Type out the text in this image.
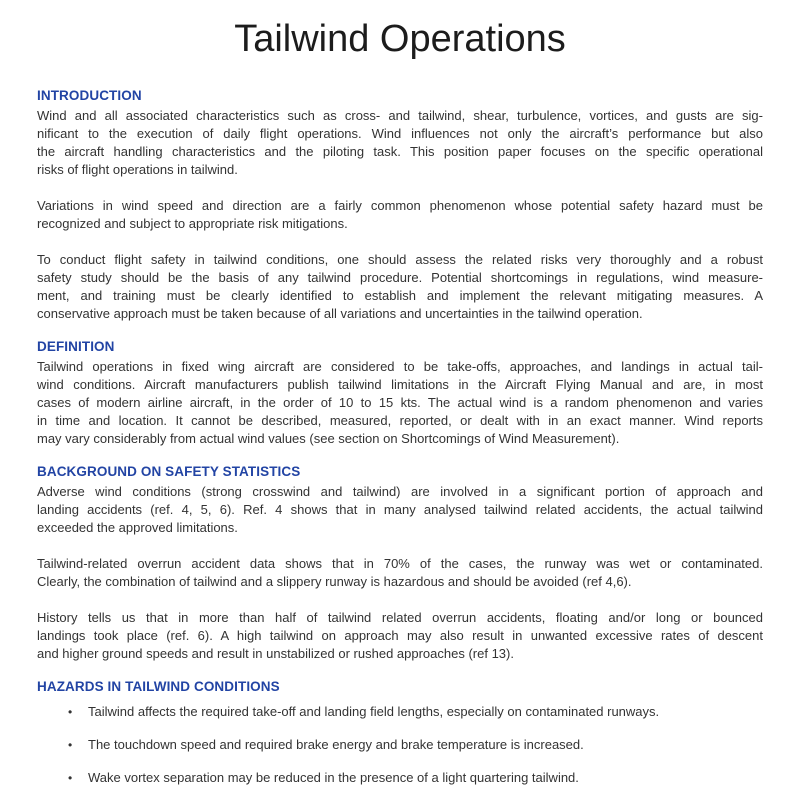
Tailwind Operations
INTRODUCTION

Wind and all associated characteristics such as cross- and tailwind, shear, turbulence, vortices, and gusts are sig-
nificant to the execution of daily flight operations. Wind influences not only the aircraft’s performance but also
the aircraft handling characteristics and the piloting task. This position paper focuses on the specific operational
risks of flight operations in tailwind.

Variations in wind speed and direction are a fairly common phenomenon whose potential safety hazard must be
recognized and subject to appropriate risk mitigations.

To conduct flight safety in tailwind conditions, one should assess the related risks very thoroughly and a robust
safety study should be the basis of any tailwind procedure. Potential shortcomings in regulations, wind measure-
ment, and training must be clearly identified to establish and implement the relevant mitigating measures. A
conservative approach must be taken because of all variations and uncertainties in the tailwind operation.

DEFINITION

Tailwind operations in fixed wing aircraft are considered to be take-offs, approaches, and landings in actual tail-
wind conditions. Aircraft manufacturers publish tailwind limitations in the Aircraft Flying Manual and are, in most
cases of modern airline aircraft, in the order of 10 to 15 kts. The actual wind is a random phenomenon and varies
in time and location. It cannot be described, measured, reported, or dealt with in an exact manner. Wind reports
may vary considerably from actual wind values (see section on Shortcomings of Wind Measurement).

BACKGROUND ON SAFETY STATISTICS

Adverse wind conditions (strong crosswind and tailwind) are involved in a significant portion of approach and
landing accidents (ref. 4, 5, 6). Ref. 4 shows that in many analysed tailwind related accidents, the actual tailwind
exceeded the approved limitations.

Tailwind-related overrun accident data shows that in 70% of the cases, the runway was wet or contaminated.
Clearly, the combination of tailwind and a slippery runway is hazardous and should be avoided (ref 4,6).

History tells us that in more than half of tailwind related overrun accidents, floating and/or long or bounced
landings took place (ref. 6). A high tailwind on approach may also result in unwanted excessive rates of descent
and higher ground speeds and result in unstabilized or rushed approaches (ref 13).

HAZARDS IN TAILWIND CONDITIONS
•	Tailwind affects the required take-off and landing field lengths, especially on contaminated runways.
•	The touchdown speed and required brake energy and brake temperature is increased.
•	Wake vortex separation may be reduced in the presence of a light quartering tailwind.
